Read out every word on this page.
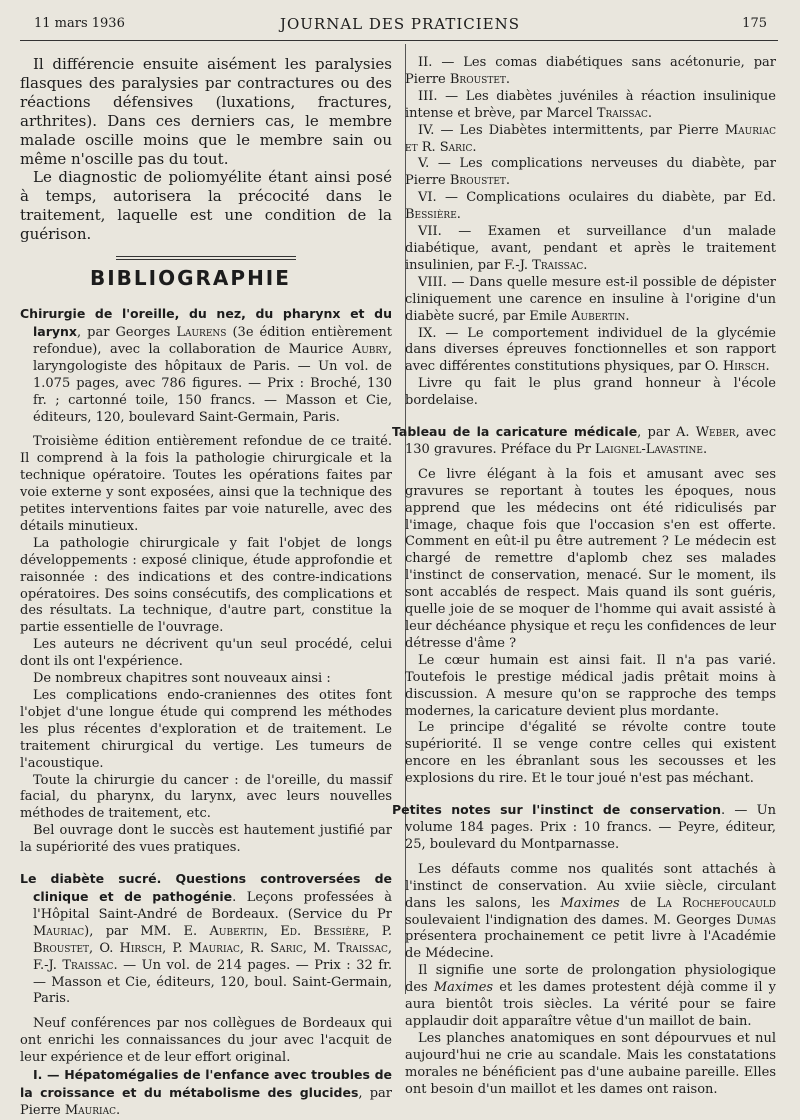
11 mars 1936	JOURNAL DES PRATICIENS	175

Il différencie ensuite aisément les paralysies flasques des paralysies par contractures ou des réactions défensives (luxations, fractures, arthrites). Dans ces derniers cas, le membre malade oscille moins que le membre sain ou même n'oscille pas du tout.

Le diagnostic de poliomyélite étant ainsi posé à temps, autorisera la précocité dans le traitement, laquelle est une condition de la guérison.

BIBLIOGRAPHIE

Chirurgie de l'oreille, du nez, du pharynx et du larynx, par Georges Laurens (3e édition entièrement refondue), avec la collaboration de Maurice Aubry, laryngologiste des hôpitaux de Paris. — Un vol. de 1.075 pages, avec 786 figures. — Prix : Broché, 130 fr. ; cartonné toile, 150 francs. — Masson et Cie, éditeurs, 120, boulevard Saint-Germain, Paris.

Troisième édition entièrement refondue de ce traité. Il comprend à la fois la pathologie chirurgicale et la technique opératoire. Toutes les opérations faites par voie externe y sont exposées, ainsi que la technique des petites interventions faites par voie naturelle, avec des détails minutieux.

La pathologie chirurgicale y fait l'objet de longs développements : exposé clinique, étude approfondie et raisonnée : des indications et des contre-indications opératoires. Des soins consécutifs, des complications et des résultats. La technique, d'autre part, constitue la partie essentielle de l'ouvrage.

Les auteurs ne décrivent qu'un seul procédé, celui dont ils ont l'expérience.

De nombreux chapitres sont nouveaux ainsi :

Les complications endo-craniennes des otites font l'objet d'une longue étude qui comprend les méthodes les plus récentes d'exploration et de traitement. Le traitement chirurgical du vertige. Les tumeurs de l'acoustique.

Toute la chirurgie du cancer : de l'oreille, du massif facial, du pharynx, du larynx, avec leurs nouvelles méthodes de traitement, etc.

Bel ouvrage dont le succès est hautement justifié par la supériorité des vues pratiques.

Le diabète sucré. Questions controversées de clinique et de pathogénie. Leçons professées à l'Hôpital Saint-André de Bordeaux. (Service du Pr Mauriac), par MM. E. Aubertin, Ed. Bessière, P. Broustet, O. Hirsch, P. Mauriac, R. Saric, M. Traissac, F.-J. Traissac. — Un vol. de 214 pages. — Prix : 32 fr. — Masson et Cie, éditeurs, 120, boul. Saint-Germain, Paris.

Neuf conférences par nos collègues de Bordeaux qui ont enrichi les connaissances du jour avec l'acquit de leur expérience et de leur effort original.

I. — Hépatomégalies de l'enfance avec troubles de la croissance et du métabolisme des glucides, par Pierre Mauriac.

II. — Les comas diabétiques sans acétonurie, par Pierre Broustet.

III. — Les diabètes juvéniles à réaction insulinique intense et brève, par Marcel Traissac.

IV. — Les Diabètes intermittents, par Pierre Mauriac et R. Saric.

V. — Les complications nerveuses du diabète, par Pierre Broustet.

VI. — Complications oculaires du diabète, par Ed. Bessière.

VII. — Examen et surveillance d'un malade diabétique, avant, pendant et après le traitement insulinien, par F.-J. Traissac.

VIII. — Dans quelle mesure est-il possible de dépister cliniquement une carence en insuline à l'origine d'un diabète sucré, par Emile Aubertin.

IX. — Le comportement individuel de la glycémie dans diverses épreuves fonctionnelles et son rapport avec différentes constitutions physiques, par O. Hirsch.

Livre qu fait le plus grand honneur à l'école bordelaise.

Tableau de la caricature médicale, par A. Weber, avec 130 gravures. Préface du Pr Laignel-Lavastine.

Ce livre élégant à la fois et amusant avec ses gravures se reportant à toutes les époques, nous apprend que les médecins ont été ridiculisés par l'image, chaque fois que l'occasion s'en est offerte. Comment en eût-il pu être autrement ? Le médecin est chargé de remettre d'aplomb chez ses malades l'instinct de conservation, menacé. Sur le moment, ils sont accablés de respect. Mais quand ils sont guéris, quelle joie de se moquer de l'homme qui avait assisté à leur déchéance physique et reçu les confidences de leur détresse d'âme ?

Le cœur humain est ainsi fait. Il n'a pas varié. Toutefois le prestige médical jadis prêtait moins à discussion. A mesure qu'on se rapproche des temps modernes, la caricature devient plus mordante.

Le principe d'égalité se révolte contre toute supériorité. Il se venge contre celles qui existent encore en les ébranlant sous les secousses et les explosions du rire. Et le tour joué n'est pas méchant.

Petites notes sur l'instinct de conservation. — Un volume 184 pages. Prix : 10 francs. — Peyre, éditeur, 25, boulevard du Montparnasse.

Les défauts comme nos qualités sont attachés à l'instinct de conservation. Au xviie siècle, circulant dans les salons, les Maximes de La Rochefoucauld soulevaient l'indignation des dames. M. Georges Dumas présentera prochainement ce petit livre à l'Académie de Médecine.

Il signifie une sorte de prolongation physiologique des Maximes et les dames protestent déjà comme il y aura bientôt trois siècles. La vérité pour se faire applaudir doit apparaître vêtue d'un maillot de bain.

Les planches anatomiques en sont dépourvues et nul aujourd'hui ne crie au scandale. Mais les constatations morales ne bénéficient pas d'une aubaine pareille. Elles ont besoin d'un maillot et les dames ont raison.
